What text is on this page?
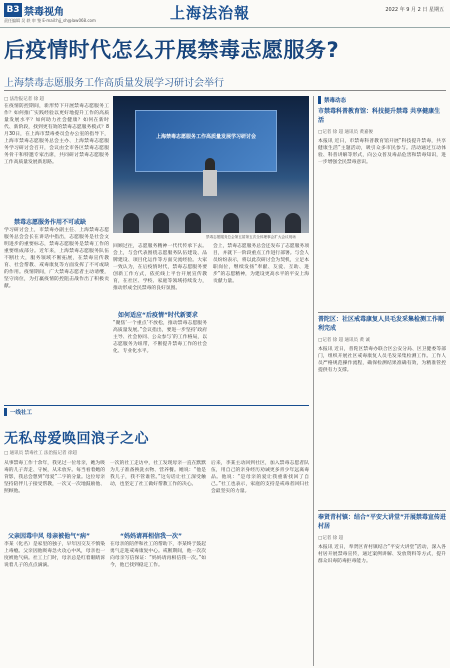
B3 禁毒视角
责任编辑 吴 轶 审 签 E-mail:hjj_sh@law068.com	上海法治報	2022 年 9 月 2 日 星期五
后疫情时代怎么开展禁毒志愿服务?
上海禁毒志愿服务工作高质量发展学习研讨会举行
□ 法治报记者 徐 超
在疫情防控期间，新形势下开展禁毒志愿服务工作？如何推广实践经验以更好地提升工作的高质量发展水平？如何助力社会健康？如何在新时代、新阶段，找到更有效的禁毒志愿服务模式？8月30日，在上海市禁毒委员会办公室的指导下，上海市禁毒志愿服务总会主办、上海禁毒志愿服务学习研讨会召开，会议由全市各区禁毒志愿服务骨干和特邀专家出席，共同研讨禁毒志愿服务工作高质量发展新思路。
禁毒志愿服务作用不可或缺
学习研讨会上，市禁毒办副主任、上海禁毒志愿服务总会会长在讲话中指出，志愿服务是社会文明进步的重要标志，禁毒志愿服务是禁毒工作的重要组成部分。近年来，上海禁毒志愿服务队伍不断壮大，服务领域不断拓展，在禁毒宣传教育、社会帮教、戒毒康复等方面发挥了不可或缺的作用。疫情期间，广大禁毒志愿者主动请缨，坚守岗位，为打赢疫情防控阻击战作出了积极贡献。
上海禁毒志愿服务工作高质量发展学习研讨会
禁毒志愿服务总会第五届第五次全体理事会扩大会议现场
回顾过往，志愿服务精神一代代传承下去。会上，与会代表围绕志愿服务队伍建设、品牌建设、项目化运作等方面交流经验。大家一致认为，在后疫情时代，禁毒志愿服务要创新工作方式，依托线上平台开展宣传教育，在社区、学校、家庭等领域持续发力，推动形成全民禁毒的良好氛围。
如何适应“后疫情”时代新要求
“聚焦‘一个重点’不放松，推动禁毒志愿服务高质量发展。”会议指出，要进一步坚持‘政府主导、社会协同、公众参与’的工作格局，以志愿服务为纽带，不断提升禁毒工作的社会化、专业化水平。
会上，禁毒志愿服务总会还发布了志愿服务项目，并就下一阶段重点工作进行部署。与会人员纷纷表示，将以此次研讨会为契机，立足本职岗位，继续发扬“奉献、友爱、互助、进步”的志愿精神，为建设更高水平的平安上海贡献力量。
一线社工
无私母爱唤回浪子之心
□ 通讯员 禁毒社工 法治报记者 徐超
从事禁毒工作十余年，我见过一位母亲，她为吸毒的儿子奔走、守候，从未放弃。每当看着她的背影，我总会想到“母爱”二字的分量。这位母亲坚持陪伴儿子接受帮教，一次又一次地鼓励他、照顾他。
父亲因毒中风 母亲被他气“病”
李某（化名）是家里的独子，早年因交友不慎染上毒瘾。父亲因他吸毒急火攻心中风，母亲也一度被他气病。社工上门时，母亲总是红着眼睛诉说着儿子的点点滴滴。
一次的社工走访中，社工发现母亲一直在默默为儿子准备换洗衣物、营养餐。她说：“他是我儿子，我不管谁管。”这句话让社工深受触动，也坚定了社工做好帮教工作的决心。
“妈妈请再相信我一次”
在母亲的陪伴和社工的帮助下，李某终于鼓起勇气走进戒毒康复中心。戒断期间，他一次次向母亲写信保证：“妈妈请再相信我一次。”如今，他已找到稳定工作。
后来，李某主动回到社区，加入禁毒志愿者队伍，用自己的亲身经历劝诫更多青少年远离毒品。他说：“是母亲的爱让我重新找回了自己。”社工也表示，家庭的支持是戒毒者回归社会最坚实的力量。
禁毒动态
市禁毒科普教育馆：科技提升禁毒 共享健康生活
□记者 徐 超 通讯员 黄嘉俊
本报讯 近日，市禁毒科普教育馆开展“科技提升禁毒，共享健康生活”主题活动，吸引众多市民参与。活动通过互动体验、科普讲解等形式，向公众普及毒品危害和禁毒知识，进一步增强全民禁毒意识。
普陀区：社区戒毒康复人员毛发采集检测工作顺利完成
□记者 徐 超 通讯员 黄 诚
本报讯 近日，普陀区禁毒办联合区公安分局、区卫健委等部门，组织开展社区戒毒康复人员毛发采集检测工作。工作人员严格规范操作流程，确保检测结果准确有效，为精准管控提供有力支撑。
奉贤青村镇：结合“平安大讲堂”开展禁毒宣传进村居
□记者 徐 超
本报讯 近日，奉贤区青村镇结合“平安大讲堂”活动，深入各村居开展禁毒宣传，通过案例讲解、发放资料等方式，提升群众识毒防毒拒毒能力。
